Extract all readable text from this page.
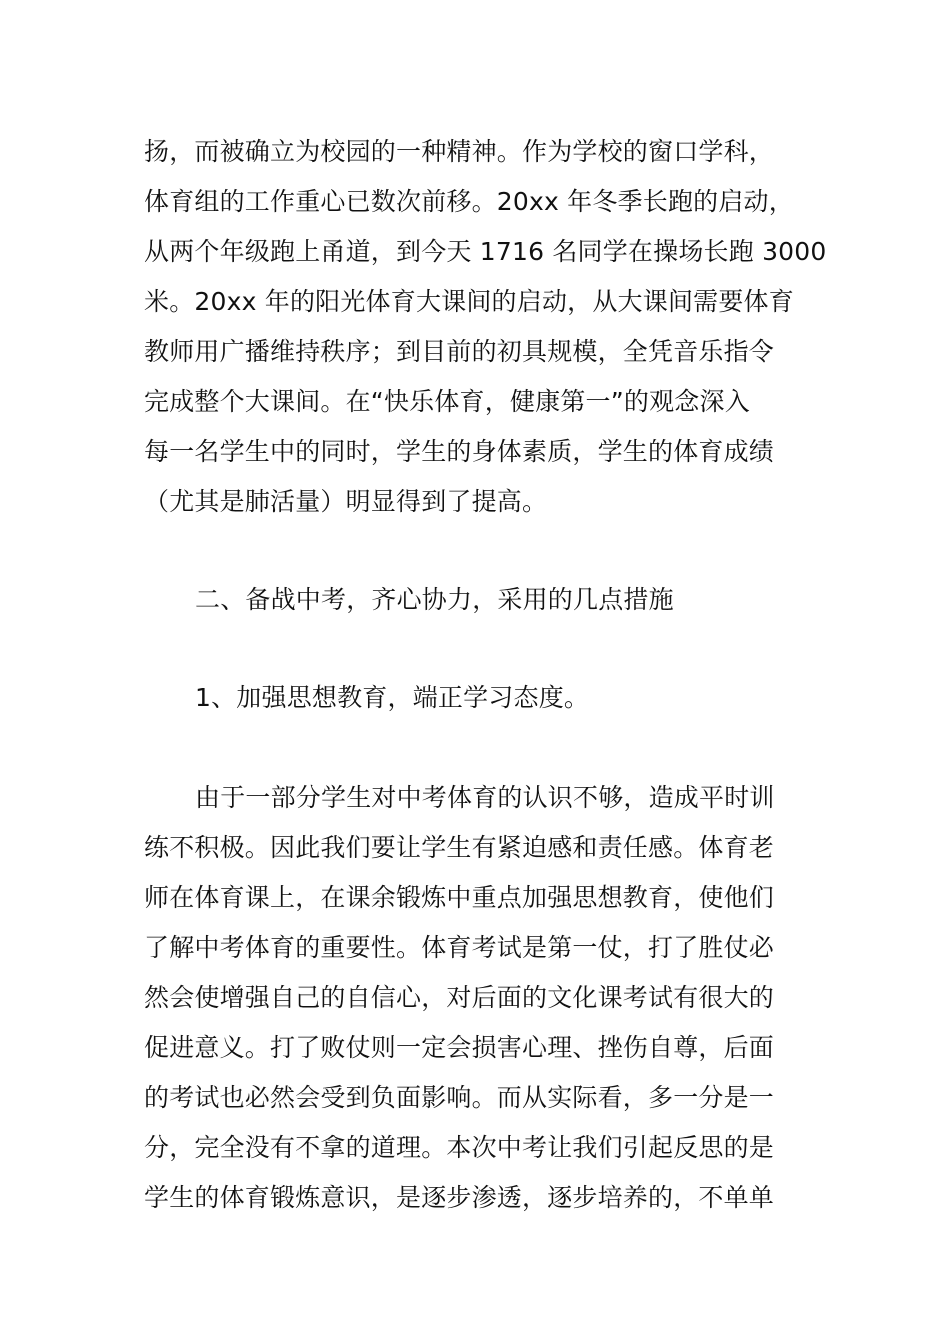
扬，而被确立为校园的一种精神。作为学校的窗口学科，
体育组的工作重心已数次前移。20xx 年冬季长跑的启动，
从两个年级跑上甬道，到今天 1716 名同学在操场长跑 3000
米。20xx 年的阳光体育大课间的启动，从大课间需要体育
教师用广播维持秩序；到目前的初具规模，全凭音乐指令
完成整个大课间。在“快乐体育，健康第一”的观念深入
每一名学生中的同时，学生的身体素质，学生的体育成绩
（尤其是肺活量）明显得到了提高。
二、备战中考，齐心协力，采用的几点措施
1、加强思想教育，端正学习态度。
由于一部分学生对中考体育的认识不够，造成平时训
练不积极。因此我们要让学生有紧迫感和责任感。体育老
师在体育课上，在课余锻炼中重点加强思想教育，使他们
了解中考体育的重要性。体育考试是第一仗，打了胜仗必
然会使增强自己的自信心，对后面的文化课考试有很大的
促进意义。打了败仗则一定会损害心理、挫伤自尊，后面
的考试也必然会受到负面影响。而从实际看，多一分是一
分，完全没有不拿的道理。本次中考让我们引起反思的是
学生的体育锻炼意识，是逐步渗透，逐步培养的，不单单
